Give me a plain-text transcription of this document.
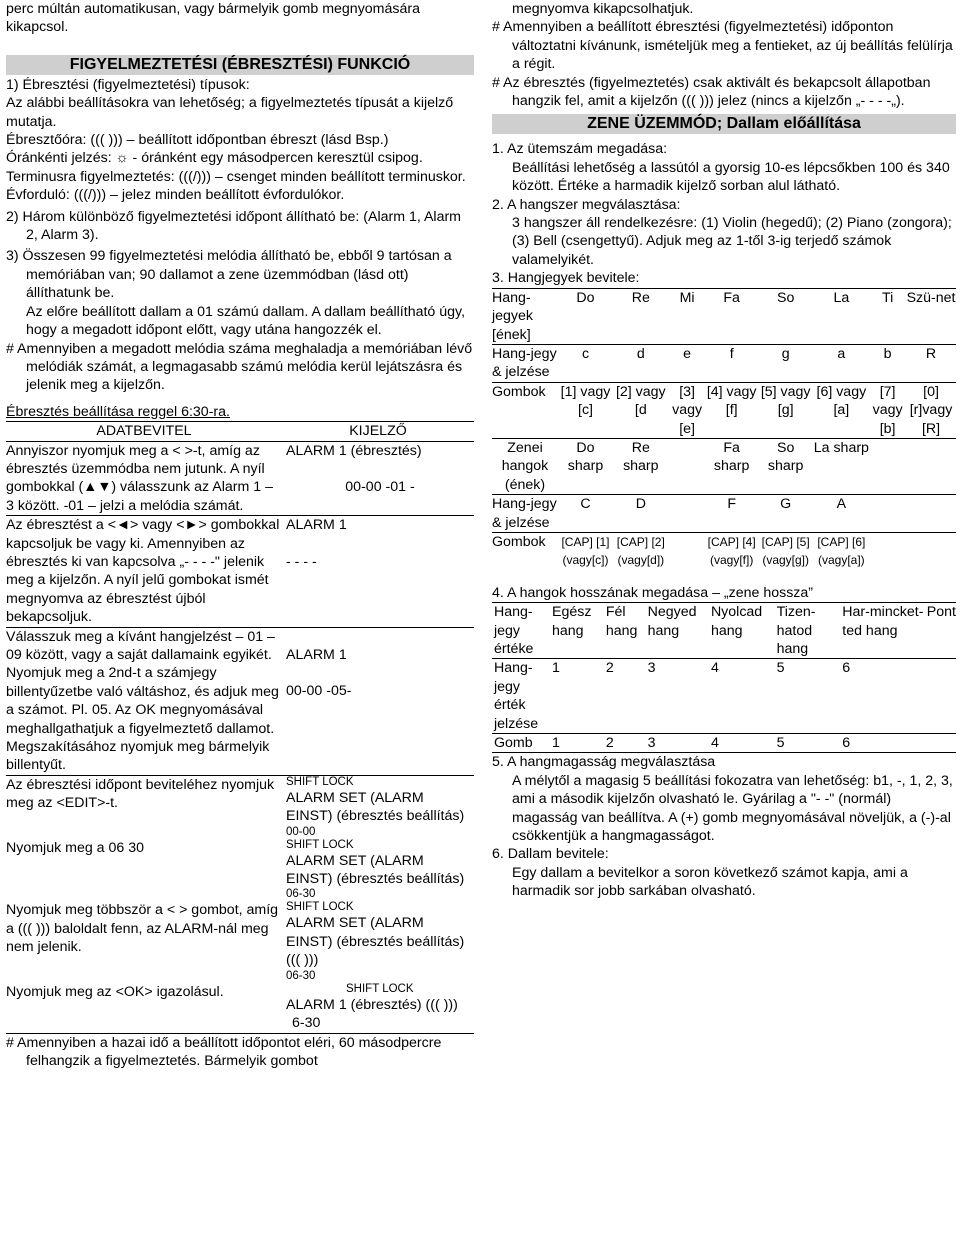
perc múltán automatikusan, vagy bármelyik gomb megnyomására kikapcsol.

FIGYELMEZTETÉSI (ÉBRESZTÉSI) FUNKCIÓ

1) Ébresztési (figyelmeztetési) típusok:

Az alábbi beállításokra van lehetőség; a figyelmeztetés típusát a kijelző mutatja.

Ébresztőóra: ((( ))) – beállított időpontban ébreszt (lásd Bsp.)

Óránkénti jelzés: ☼ - óránként egy másodpercen keresztül csipog.

Terminusra figyelmeztetés: (((/))) – csenget minden beállított terminuskor.

Évforduló: (((/))) – jelez minden beállított évfordulókor.

2) Három különböző figyelmeztetési időpont állítható be: (Alarm 1, Alarm 2, Alarm 3).

3) Összesen 99 figyelmeztetési melódia állítható be, ebből 9 tartósan a memóriában van; 90 dallamot a zene üzemmódban (lásd ott) állíthatunk be.

Az előre beállított dallam a 01 számú dallam. A dallam beállítható úgy, hogy a megadott időpont előtt, vagy utána hangozzék el.

# Amennyiben a megadott melódia száma meghaladja a memóriában lévő melódiák számát, a legmagasabb számú melódia kerül lejátszásra és jelenik meg a kijelzőn.

Ébresztés beállítása reggel 6:30-ra.

ADATBEVITEL	KIJELZŐ
Annyiszor nyomjuk meg a < >-t, amíg az ébresztés üzemmódba nem jutunk. A nyíl gombokkal (▲▼) válasszunk az Alarm 1 – 3 között. -01 – jelzi a melódia számát.	ALARM 1 (ébresztés)
00-00 -01 -

Az ébresztést a <◄> vagy <►> gombokkal kapcsoljuk be vagy ki. Amennyiben az ébresztés ki van kapcsolva „- - - -" jelenik meg a kijelzőn. A nyíl jelű gombokat ismét megnyomva az ébresztést újból bekapcsoljuk.	ALARM 1
- - - -

Válasszuk meg a kívánt hangjelzést – 01 – 09 között, vagy a saját dallamaink egyikét. Nyomjuk meg a 2nd-t a számjegy billentyűzetbe való váltáshoz, és adjuk meg a számot. Pl. 05. Az OK megnyomásával meghallgathatjuk a figyelmeztető dallamot. Megszakításához nyomjuk meg bármelyik billentyűt.	ALARM 1
00-00 -05-

Az ébresztési időpont beviteléhez nyomjuk meg az <EDIT>-t.	SHIFT LOCK
ALARM SET (ALARM EINST) (ébresztés beállítás)
00-00

Nyomjuk meg a 06 30	SHIFT LOCK
ALARM SET (ALARM EINST) (ébresztés beállítás)
06-30

Nyomjuk meg többször a < > gombot, amíg a ((( ))) baloldalt fenn, az ALARM-nál meg nem jelenik.	SHIFT LOCK
ALARM SET (ALARM EINST) (ébresztés beállítás) ((( )))
06-30

Nyomjuk meg az <OK> igazolásul.	SHIFT LOCK
ALARM 1 (ébresztés) ((( )))
6-30

# Amennyiben a hazai idő a beállított időpontot eléri, 60 másodpercre felhangzik a figyelmeztetés. Bármelyik gombot

megnyomva kikapcsolhatjuk.

# Amennyiben a beállított ébresztési (figyelmeztetési) időponton változtatni kívánunk, ismételjük meg a fentieket, az új beállítás felülírja a régit.

# Az ébresztés (figyelmeztetés) csak aktivált és bekapcsolt állapotban hangzik fel, amit a kijelzőn ((( ))) jelez (nincs a kijelzőn „- - - -„).

ZENE ÜZEMMÓD; Dallam előállítása

1. Az ütemszám megadása:

Beállítási lehetőség a lassútól a gyorsig 10-es lépcsőkben 100 és 340 között. Értéke a harmadik kijelző sorban alul látható.

2. A hangszer megválasztása:

3 hangszer áll rendelkezésre: (1) Violin (hegedű); (2) Piano (zongora); (3) Bell (csengettyű). Adjuk meg az 1-től 3-ig terjedő számok valamelyikét.

3. Hangjegyek bevitele:

Hang-jegyek [ének]	Do	Re	Mi	Fa	So	La	Ti	Szü-net
Hang-jegy & jelzése	c	d	e	f	g	a	b	R
Gombok	[1] vagy [c]	[2] vagy [d	[3] vagy [e]	[4] vagy [f]	[5] vagy [g]	[6] vagy [a]	[7] vagy [b]	[0] [r]vagy [R]
Zenei hangok (ének)	Do sharp	Re sharp		Fa sharp	So sharp	La sharp		
Hang-jegy & jelzése	C	D		F	G	A		
Gombok	[CAP] [1] (vagy[c])	[CAP] [2] (vagy[d])		[CAP] [4] (vagy[f])	[CAP] [5] (vagy[g])	[CAP] [6] (vagy[a])		

4. A hangok hosszának megadása – „zene hossza”

Hang-jegy értéke	Egész hang	Fél hang	Negyed hang	Nyolcad hang	Tizen-hatod hang	Har-mincket-ted hang	Pont
Hang-jegy érték jelzése	1	2	3	4	5	6	
Gomb	1	2	3	4	5	6	

5. A hangmagasság megválasztása

A mélytől a magasig 5 beállítási fokozatra van lehetőség: b1, -, 1, 2, 3, ami a második kijelzőn olvasható le. Gyárilag a "- -" (normál) magasság van beállítva. A (+) gomb megnyomásával növeljük, a (-)-al csökkentjük a hangmagasságot.

6. Dallam bevitele:

Egy dallam a bevitelkor a soron következő számot kapja, ami a harmadik sor jobb sarkában olvasható.
